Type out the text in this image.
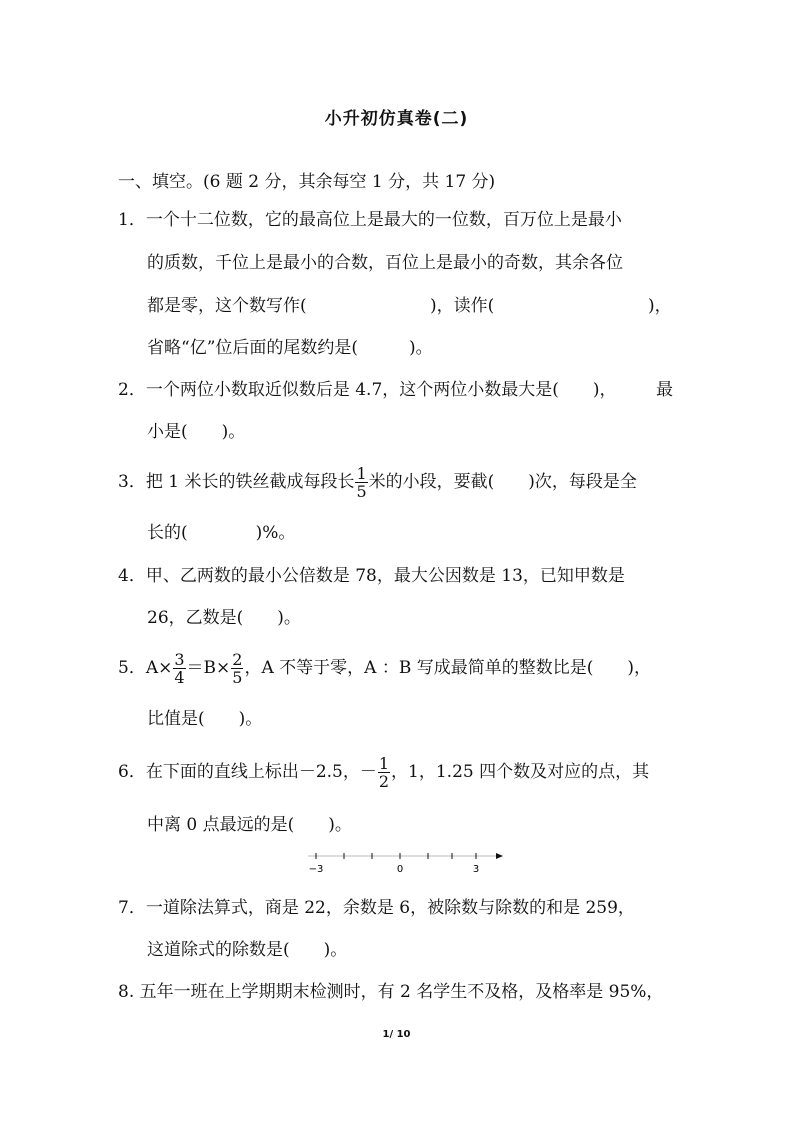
小升初仿真卷(二)
一、填空。(6 题 2 分，其余每空 1 分，共 17 分)
1．一个十二位数，它的最高位上是最大的一位数，百万位上是最小
的质数，千位上是最小的合数，百位上是最小的奇数，其余各位
都是零，这个数写作(	)，读作(	)，
省略“亿”位后面的尾数约是(　　　)。
2．一个两位小数取近似数后是 4.7，这个两位小数最大是(　　)， 最
小是(　　)。
3．把 1 米长的铁丝截成每段长 $\frac{1}{5}$ 米的小段，要截(　　)次，每段是全
长的(　　　　)%。
4．甲、乙两数的最小公倍数是 78，最大公因数是 13，已知甲数是
26，乙数是(　　)。
5．$A\times \frac{3}{4} =B\times \frac{2}{5}$ ，A 不等于零，A ：B 写成最简单的整数比是(　　)，
比值是(　　)。
6．在下面的直线上标出－2.5，－ $\frac{1}{2}$ ，1，1.25 四个数及对应的点，其
中离 0 点最远的是(　　)。
−3	0	3
7．一道除法算式，商是 22，余数是 6，被除数与除数的和是 259，
这道除式的除数是(　　)。
8. 五年一班在上学期期末检测时，有 2 名学生不及格，及格率是 95%，
1/ 10
